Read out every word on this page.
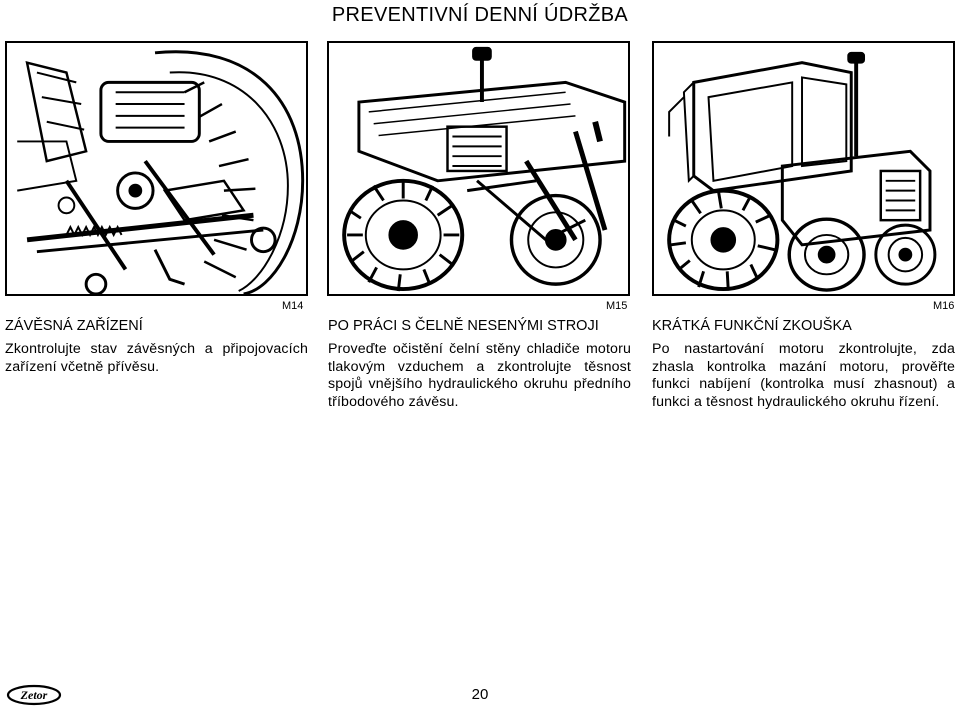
PREVENTIVNÍ DENNÍ ÚDRŽBA
M14	M15	M16
ZÁVĚSNÁ ZAŘÍZENÍ

Zkontrolujte stav závěsných a připojovacích zařízení včetně přívěsu.

PO PRÁCI S ČELNĚ NESENÝMI STROJI

Proveďte očistění čelní stěny chladiče motoru tlakovým vzduchem a zkontrolujte těsnost spojů vnějšího hydraulického okruhu předního tříbodového závěsu.

KRÁTKÁ FUNKČNÍ ZKOUŠKA

Po nastartování motoru zkontrolujte, zda zhasla kontrolka mazání motoru, prověřte funkci nabíjení (kontrolka musí zhasnout) a funkci a těsnost hydraulického okruhu řízení.

Zetor	20
